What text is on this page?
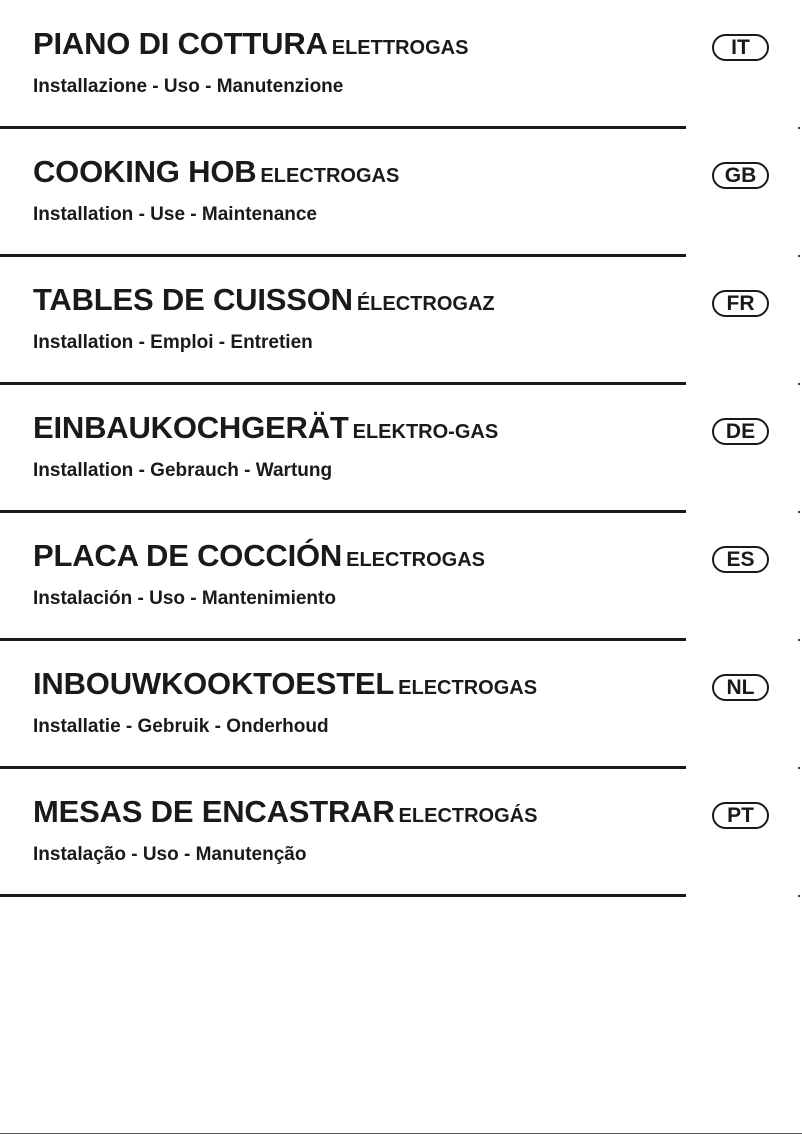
PIANO DI COTTURA ELETTROGAS
Installazione - Uso - Manutenzione
IT
COOKING HOB ELECTROGAS
Installation - Use - Maintenance
GB
TABLES DE CUISSON ÉLECTROGAZ
Installation - Emploi - Entretien
FR
EINBAUKOCHGERÄT ELEKTRO-GAS
Installation - Gebrauch - Wartung
DE
PLACA DE COCCIÓN ELECTROGAS
Instalación - Uso - Mantenimiento
ES
INBOUWKOOKTOESTEL ELECTROGAS
Installatie - Gebruik - Onderhoud
NL
MESAS DE ENCASTRAR ELECTROGÁS
Instalação - Uso - Manutenção
PT
